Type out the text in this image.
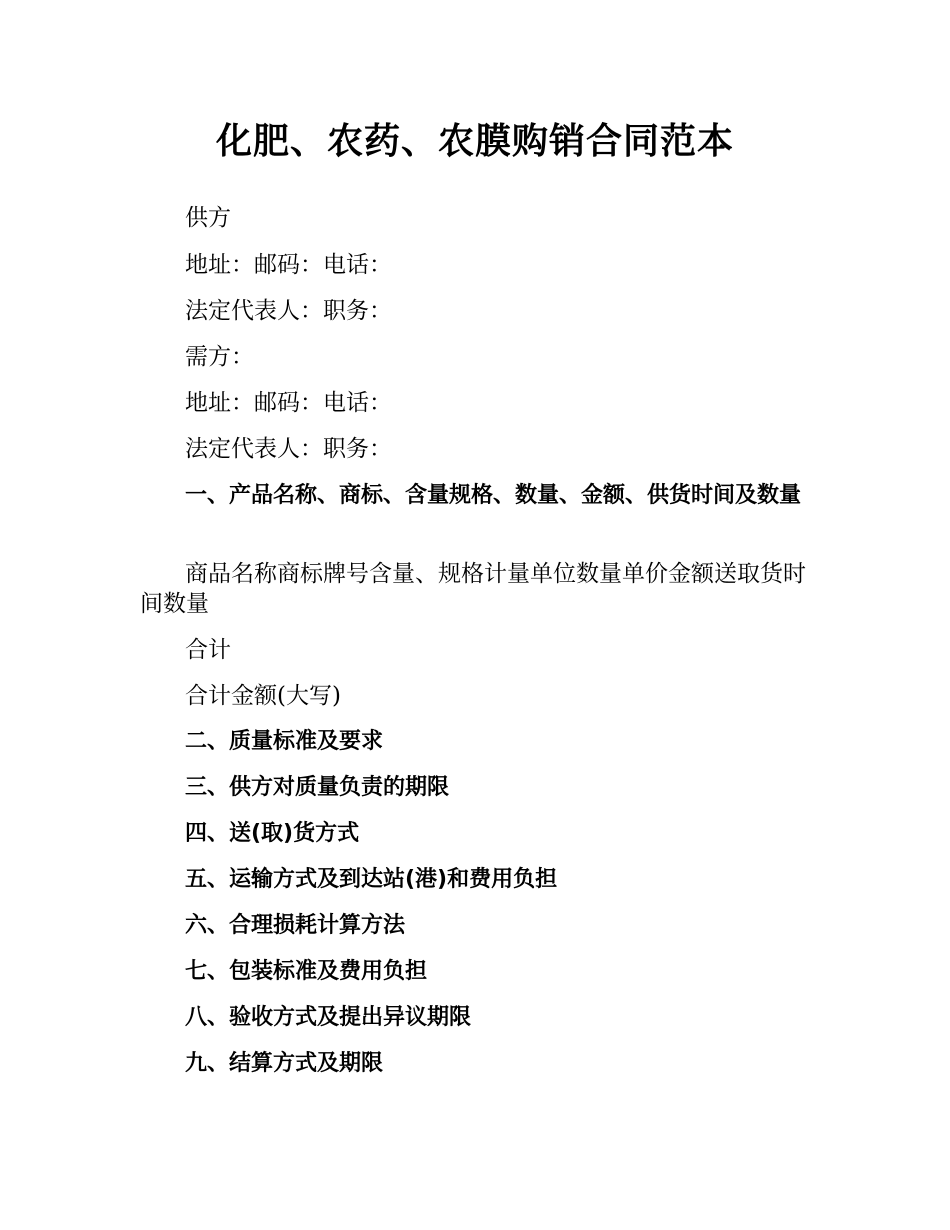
化肥、农药、农膜购销合同范本

供方

地址：邮码：电话：

法定代表人：职务：

需方：

地址：邮码：电话：

法定代表人：职务：

一、产品名称、商标、含量规格、数量、金额、供货时间及数量

商品名称商标牌号含量、规格计量单位数量单价金额送取货时间数量

合计

合计金额(大写)

二、质量标准及要求

三、供方对质量负责的期限

四、送(取)货方式

五、运输方式及到达站(港)和费用负担

六、合理损耗计算方法

七、包装标准及费用负担

八、验收方式及提出异议期限

九、结算方式及期限
